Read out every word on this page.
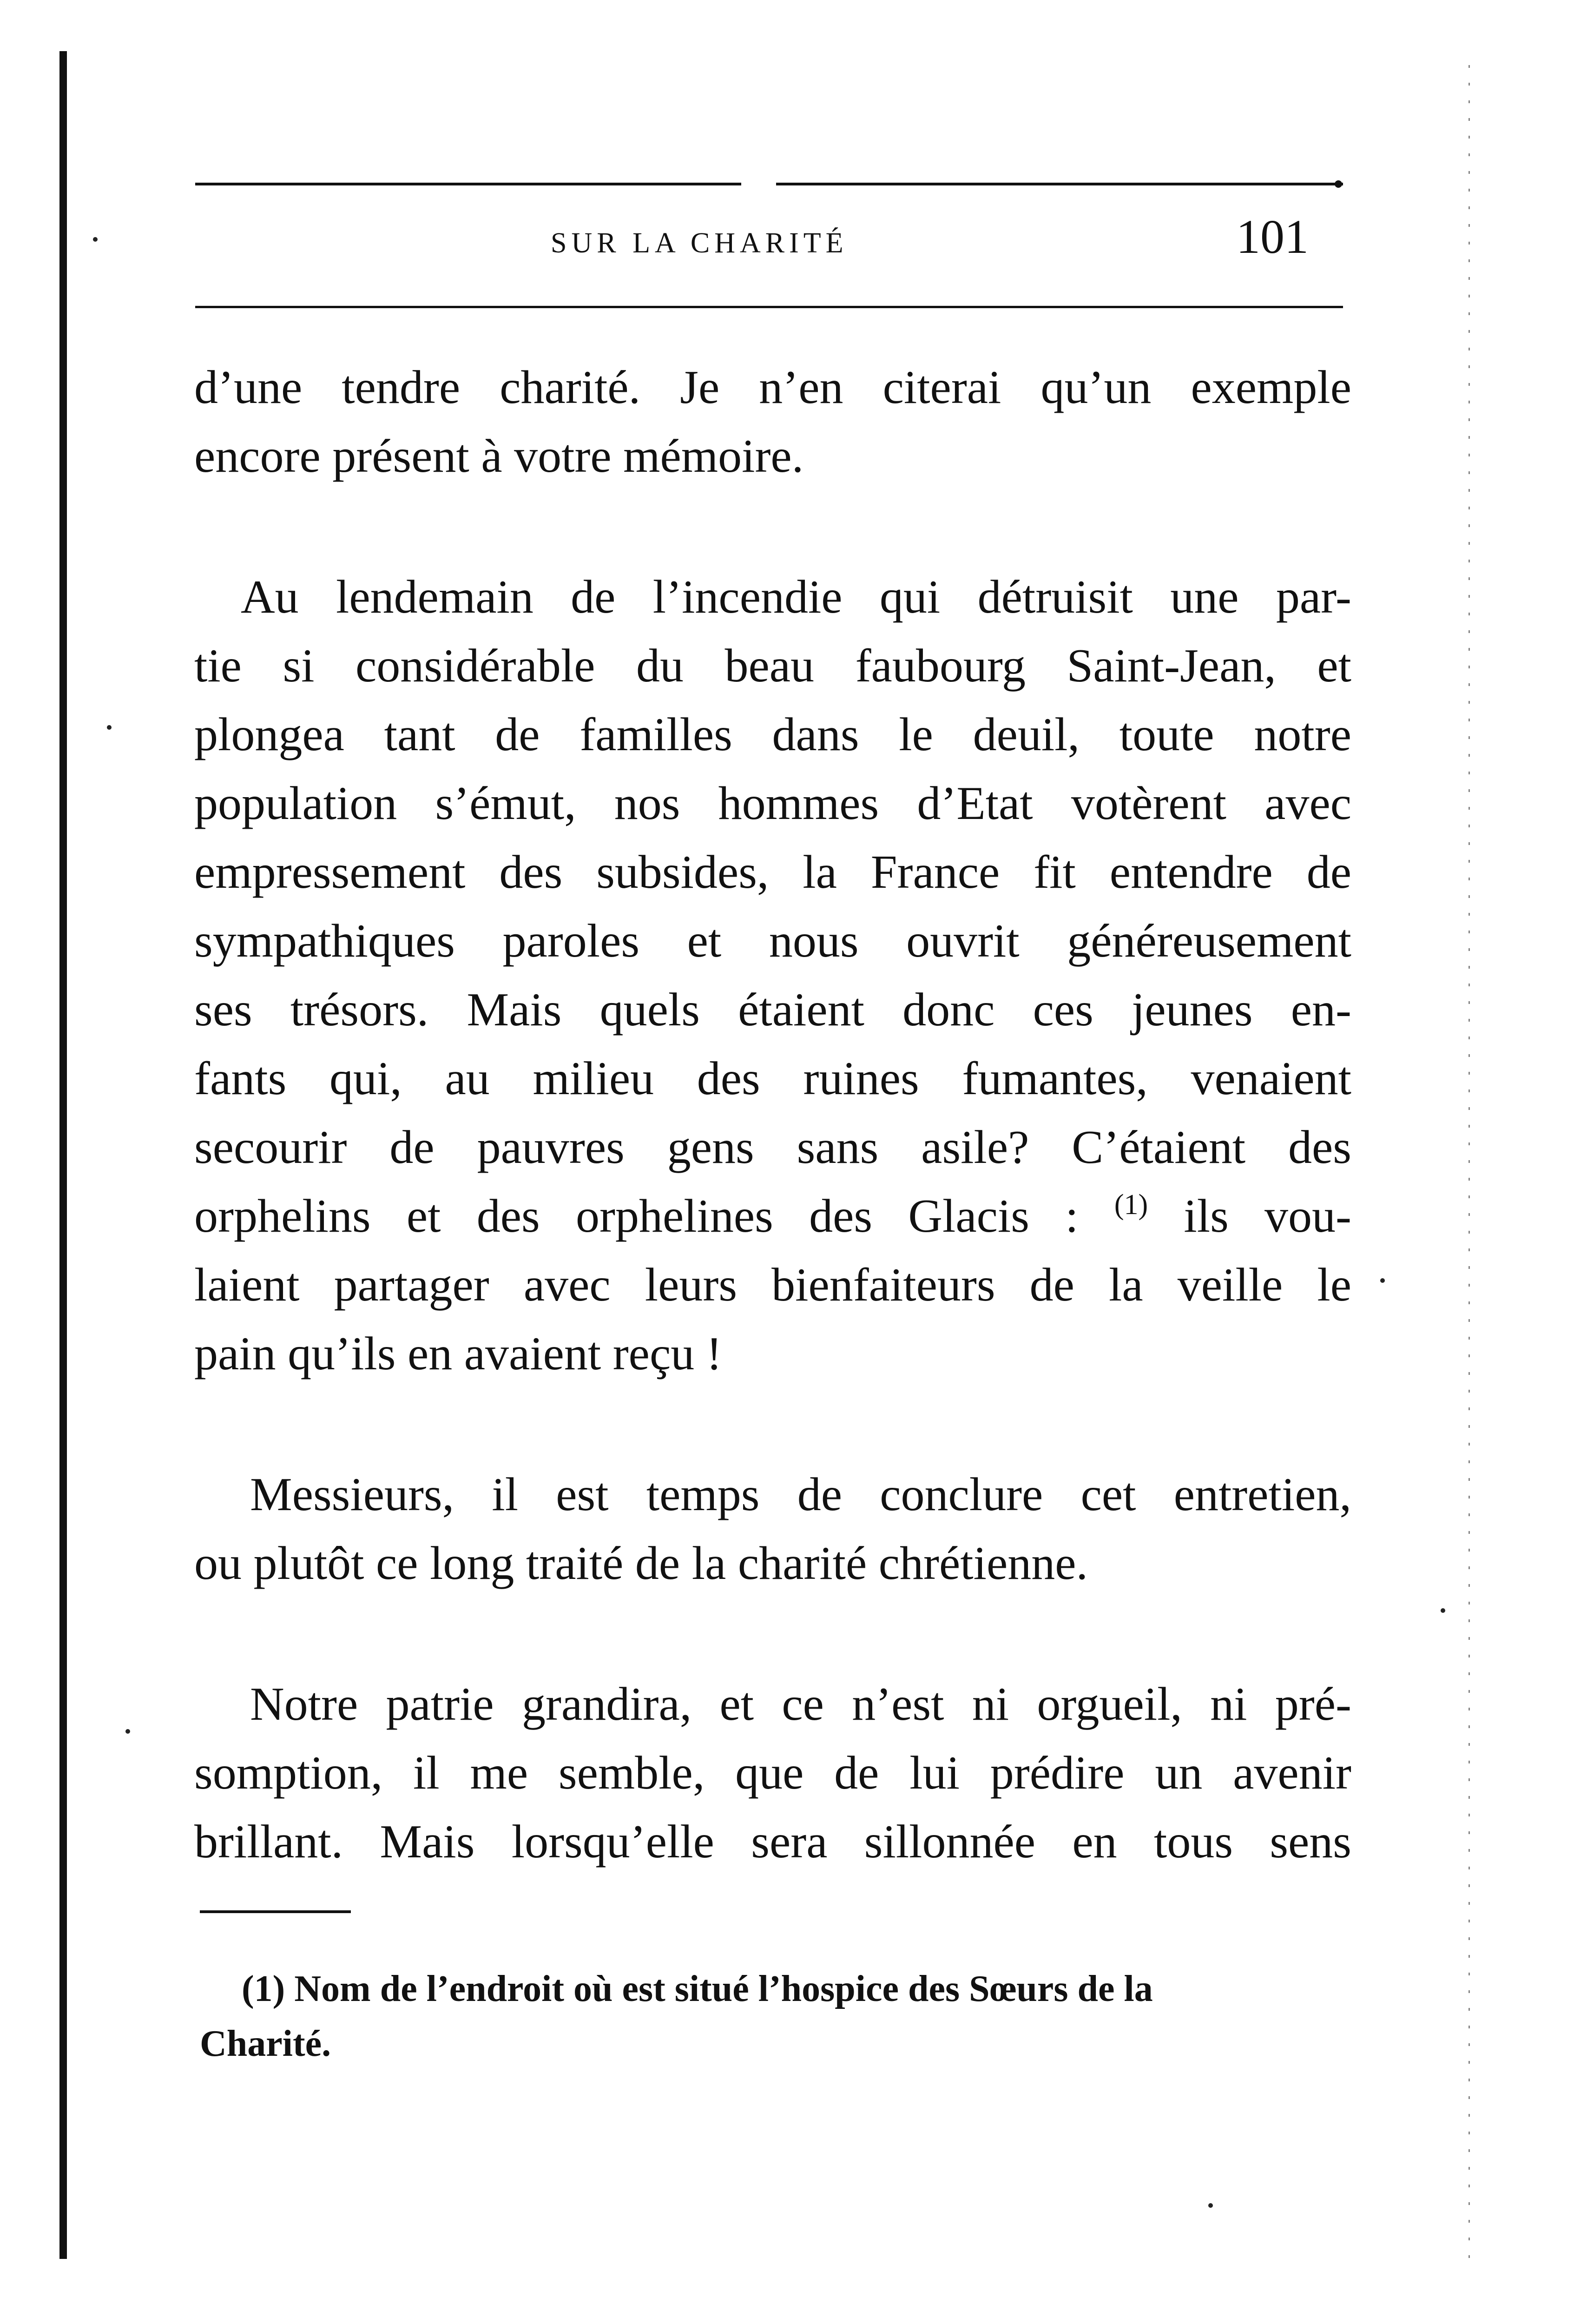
SUR LA CHARITÉ	101
d’une tendre charité. Je n’en citerai qu’un exemple
encore présent à votre mémoire.
Au lendemain de l’incendie qui détruisit une par-
tie si considérable du beau faubourg Saint-Jean, et
plongea tant de familles dans le deuil, toute notre
population s’émut, nos hommes d’Etat votèrent avec
empressement des subsides, la France fit entendre de
sympathiques paroles et nous ouvrit généreusement
ses trésors. Mais quels étaient donc ces jeunes en-
fants qui, au milieu des ruines fumantes, venaient
secourir de pauvres gens sans asile? C’étaient des
orphelins et des orphelines des Glacis : $^{(1)}$ ils vou-
laient partager avec leurs bienfaiteurs de la veille le
pain qu’ils en avaient reçu !
Messieurs, il est temps de conclure cet entretien,
ou plutôt ce long traité de la charité chrétienne.
Notre patrie grandira, et ce n’est ni orgueil, ni pré-
somption, il me semble, que de lui prédire un avenir
brillant. Mais lorsqu’elle sera sillonnée en tous sens
(1) Nom de l’endroit où est situé l’hospice des Sœurs de la
Charité.
